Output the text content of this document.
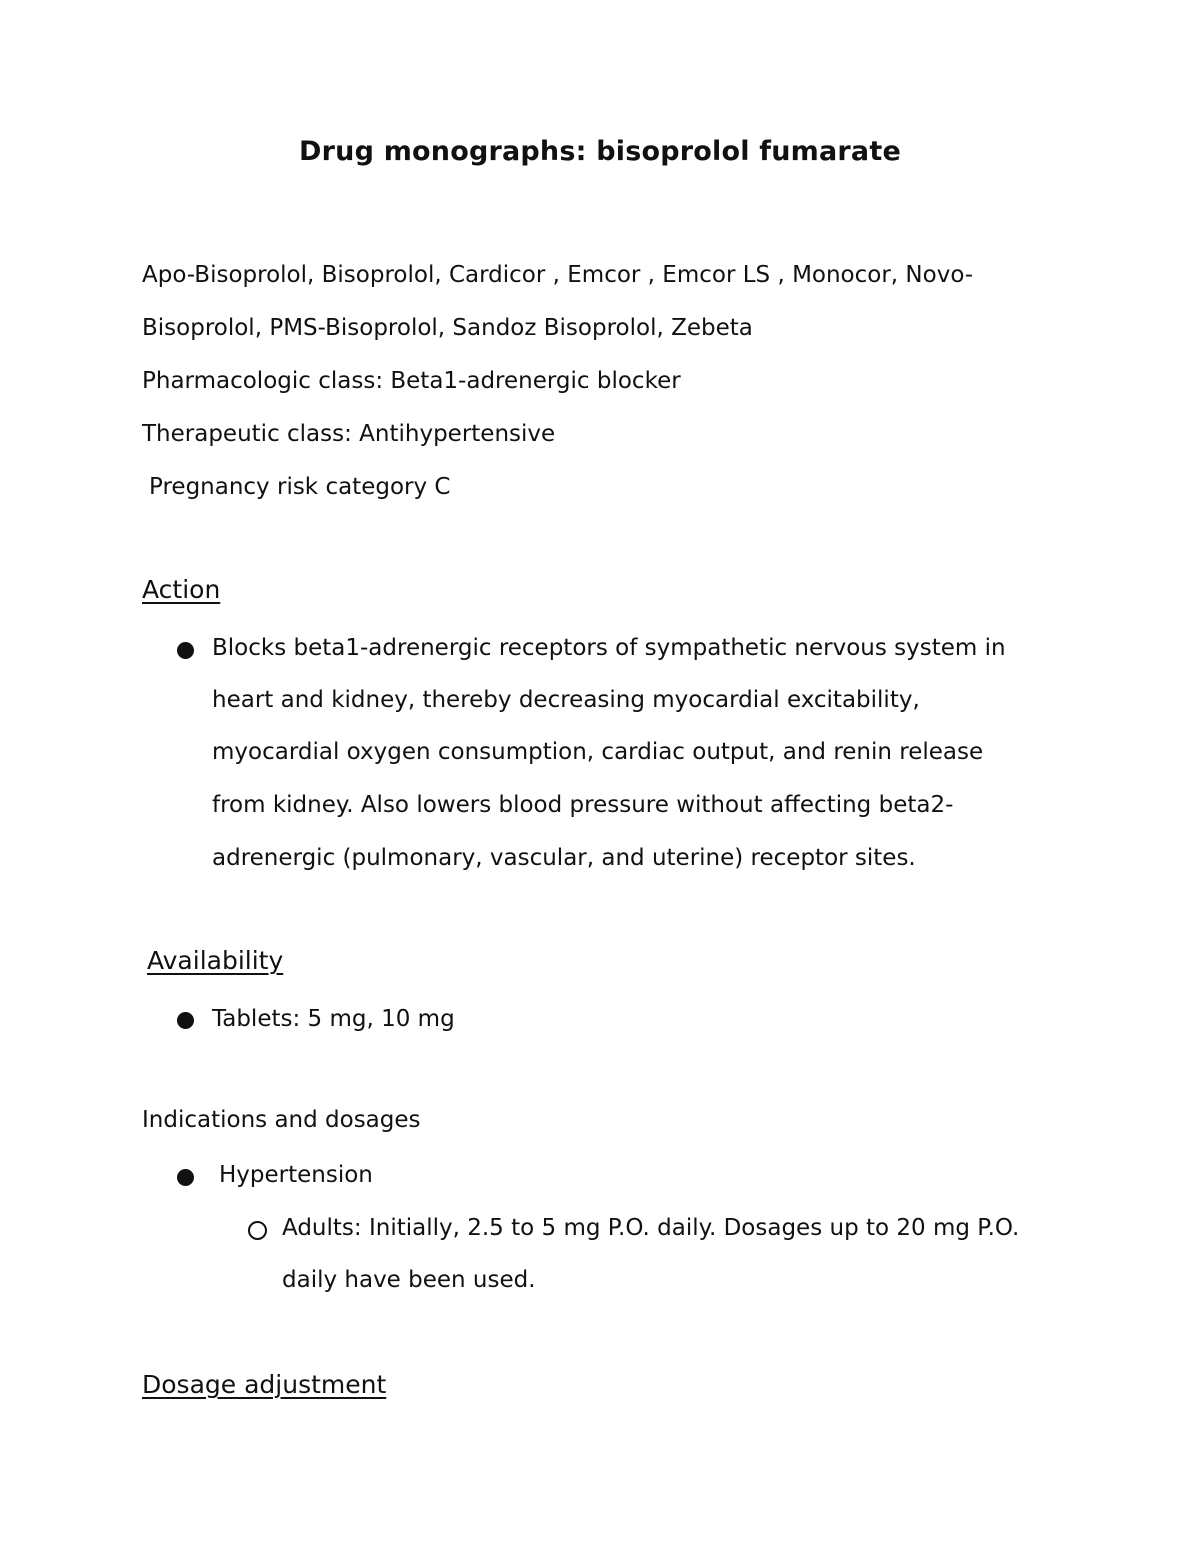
Drug monographs: bisoprolol fumarate
Apo-Bisoprolol, Bisoprolol, Cardicor , Emcor , Emcor LS , Monocor, Novo-
Bisoprolol, PMS-Bisoprolol, Sandoz Bisoprolol, Zebeta
Pharmacologic class: Beta1-adrenergic blocker
Therapeutic class: Antihypertensive
Pregnancy risk category C
Action
Blocks beta1-adrenergic receptors of sympathetic nervous system in
heart and kidney, thereby decreasing myocardial excitability,
myocardial oxygen consumption, cardiac output, and renin release
from kidney. Also lowers blood pressure without affecting beta2-
adrenergic (pulmonary, vascular, and uterine) receptor sites.
Availability
Tablets: 5 mg, 10 mg
Indications and dosages
Hypertension
Adults: Initially, 2.5 to 5 mg P.O. daily. Dosages up to 20 mg P.O.
daily have been used.
Dosage adjustment
